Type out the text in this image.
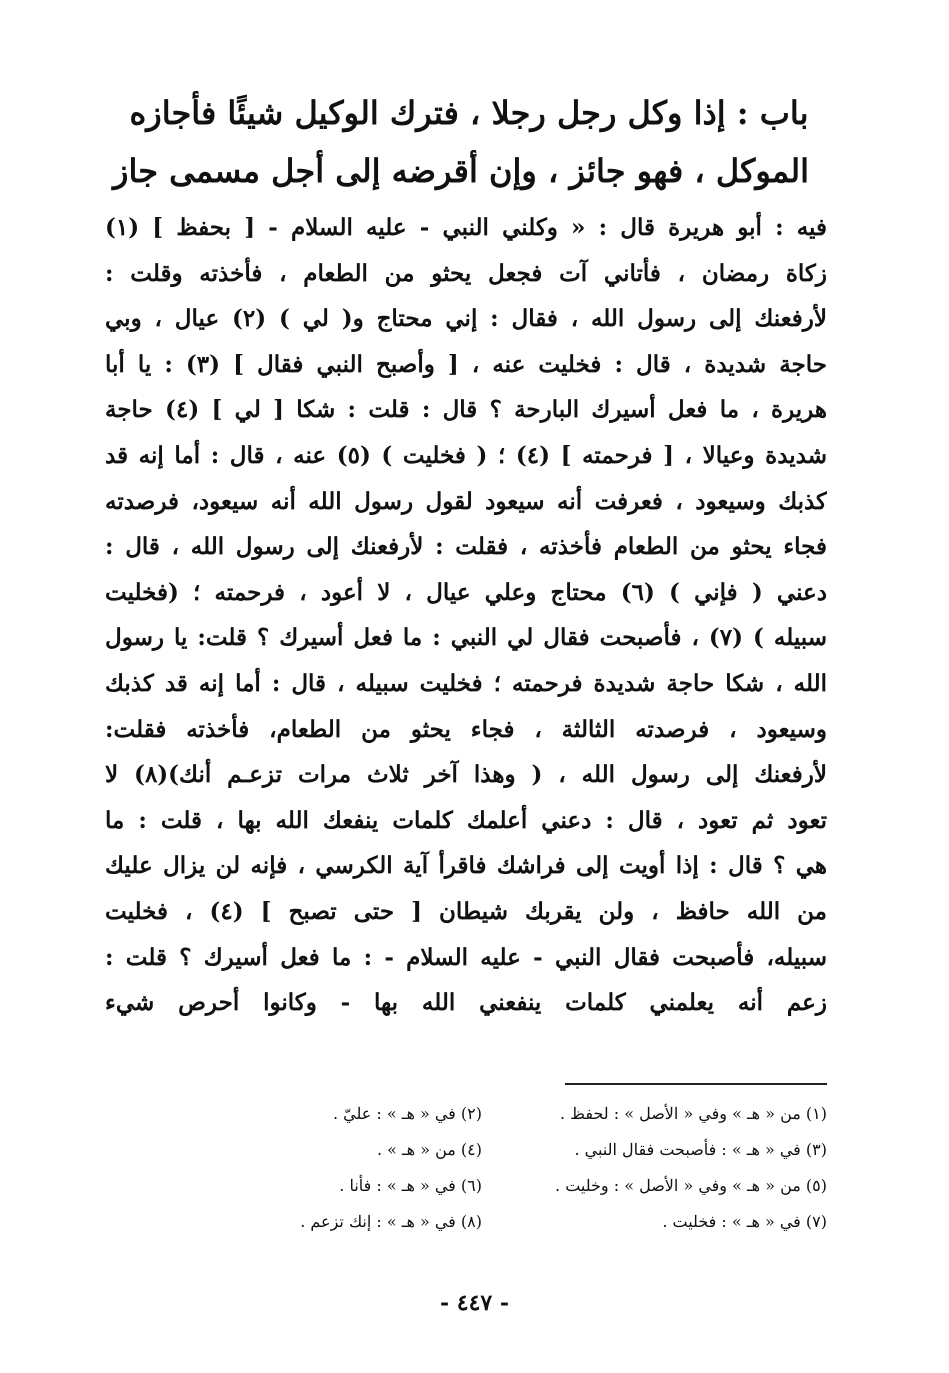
باب : إذا وكل رجل رجلا ، فترك الوكيل شيئًا فأجازه
الموكل ، فهو جائز ، وإن أقرضه إلى أجل مسمى جاز
فيه : أبو هريرة قال : « وكلني النبي - عليه السلام - [ بحفظ ] (١)
زكاة رمضان ، فأتاني آت فجعل يحثو من الطعام ، فأخذته وقلت :
لأرفعنك إلى رسول الله ، فقال : إني محتاج و( لي ) (٢) عيال ، وبي
حاجة شديدة ، قال : فخليت عنه ، [ وأصبح النبي فقال ] (٣) : يا أبا
هريرة ، ما فعل أسيرك البارحة ؟ قال : قلت : شكا [ لي ] (٤) حاجة
شديدة وعيالا ، [ فرحمته ] (٤) ؛ ( فخليت ) (٥) عنه ، قال : أما إنه قد
كذبك وسيعود ، فعرفت أنه سيعود لقول رسول الله أنه سيعود، فرصدته
فجاء يحثو من الطعام فأخذته ، فقلت : لأرفعنك إلى رسول الله ، قال :
دعني ( فإني ) (٦) محتاج وعلي عيال ، لا أعود ، فرحمته ؛ (فخليت
سبيله ) (٧) ، فأصبحت فقال لي النبي : ما فعل أسيرك ؟ قلت: يا رسول
الله ، شكا حاجة شديدة فرحمته ؛ فخليت سبيله ، قال : أما إنه قد كذبك
وسيعود ، فرصدته الثالثة ، فجاء يحثو من الطعام، فأخذته فقلت:
لأرفعنك إلى رسول الله ، ( وهذا آخر ثلاث مرات تزعـم أنك)(٨) لا
تعود ثم تعود ، قال : دعني أعلمك كلمات ينفعك الله بها ، قلت : ما
هي ؟ قال : إذا أويت إلى فراشك فاقرأ آية الكرسي ، فإنه لن يزال عليك
من الله حافظ ، ولن يقربك شيطان [ حتى تصبح ] (٤) ، فخليت
سبيله، فأصبحت فقال النبي - عليه السلام - : ما فعل أسيرك ؟ قلت :
زعم أنه يعلمني كلمات ينفعني الله بها - وكانوا أحرص شيء
(١) من « هـ » وفي « الأصل » : لحفظ .
(٢) في « هـ » : عليّ .
(٣) في « هـ » : فأصبحت فقال النبي .
(٤) من « هـ » .
(٥) من « هـ » وفي « الأصل » : وخليت .
(٦) في « هـ » : فأنا .
(٧) في « هـ » : فخليت .
(٨) في « هـ » : إنك تزعم .
- ٤٤٧ -
